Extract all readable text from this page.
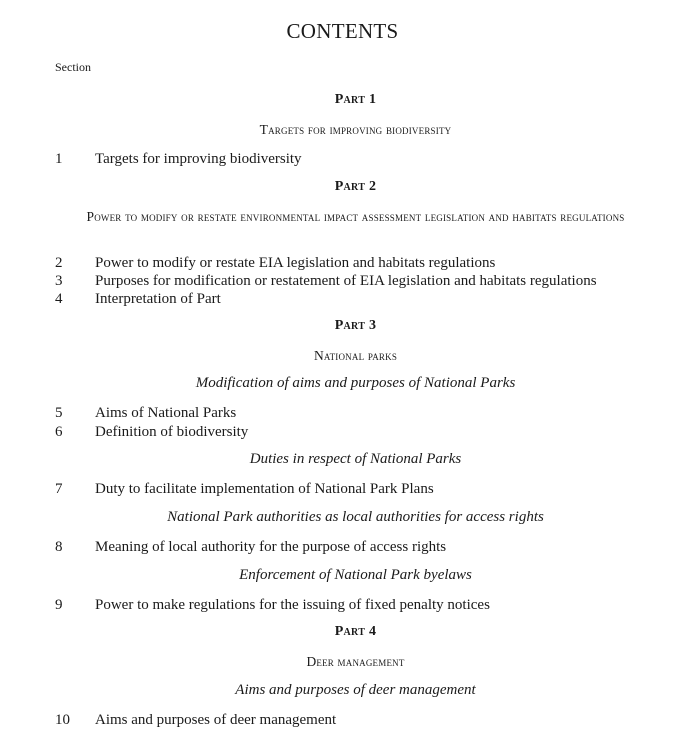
CONTENTS
Section
Part 1
Targets for improving biodiversity
1 Targets for improving biodiversity
Part 2
Power to modify or restate environmental impact assessment legislation and habitats regulations
2 Power to modify or restate EIA legislation and habitats regulations
3 Purposes for modification or restatement of EIA legislation and habitats regulations
4 Interpretation of Part
Part 3
National parks
Modification of aims and purposes of National Parks
5 Aims of National Parks
6 Definition of biodiversity
Duties in respect of National Parks
7 Duty to facilitate implementation of National Park Plans
National Park authorities as local authorities for access rights
8 Meaning of local authority for the purpose of access rights
Enforcement of National Park byelaws
9 Power to make regulations for the issuing of fixed penalty notices
Part 4
Deer management
Aims and purposes of deer management
10 Aims and purposes of deer management
